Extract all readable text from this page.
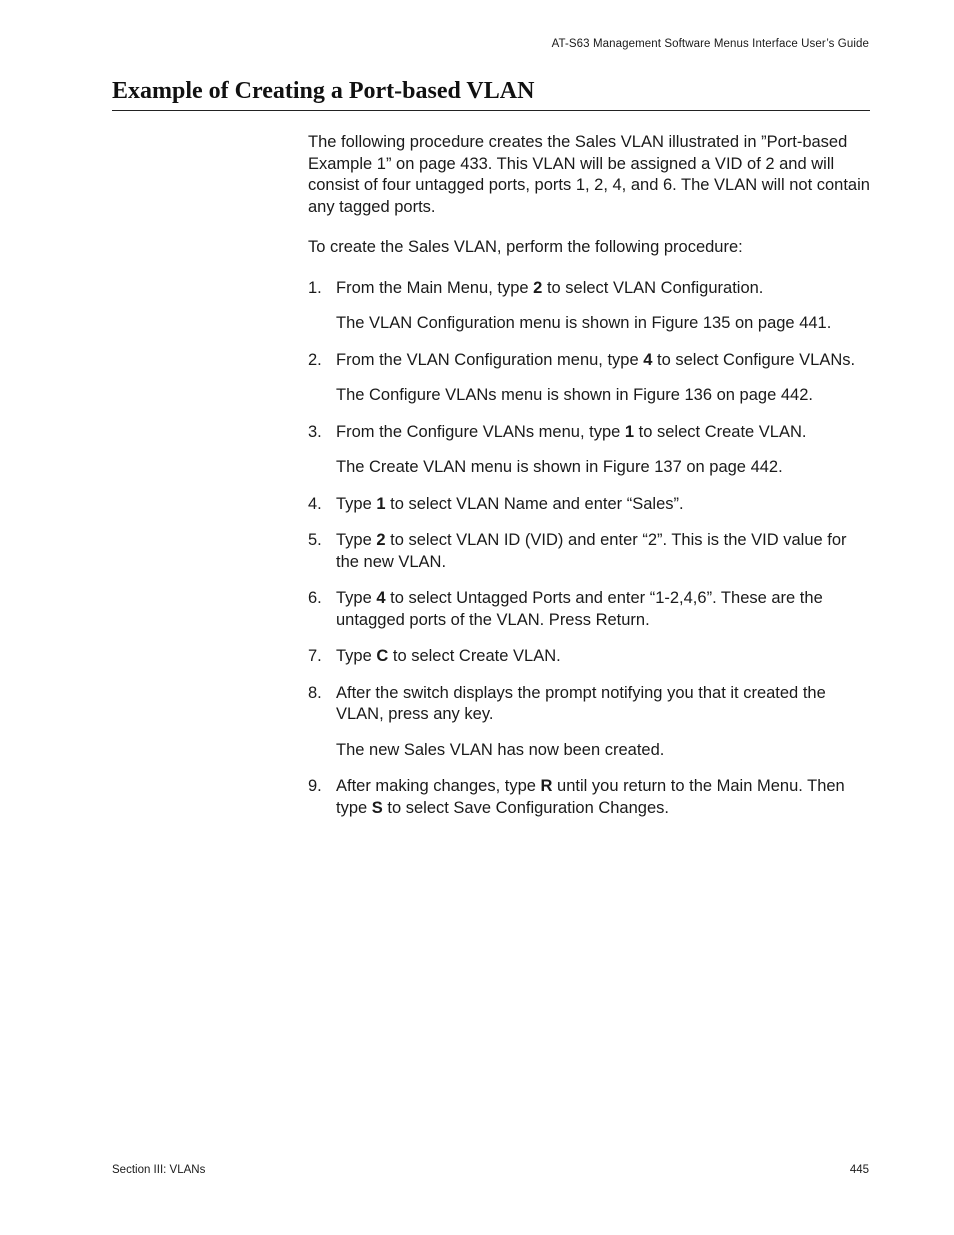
AT-S63 Management Software Menus Interface User’s Guide
Example of Creating a Port-based VLAN

The following procedure creates the Sales VLAN illustrated in ”Port-based Example 1” on page 433. This VLAN will be assigned a VID of 2 and will consist of four untagged ports, ports 1, 2, 4, and 6. The VLAN will not contain any tagged ports.

To create the Sales VLAN, perform the following procedure:

1. From the Main Menu, type 2 to select VLAN Configuration.

The VLAN Configuration menu is shown in Figure 135 on page 441.

2. From the VLAN Configuration menu, type 4 to select Configure VLANs.

The Configure VLANs menu is shown in Figure 136 on page 442.

3. From the Configure VLANs menu, type 1 to select Create VLAN.

The Create VLAN menu is shown in Figure 137 on page 442.

4. Type 1 to select VLAN Name and enter “Sales”.

5. Type 2 to select VLAN ID (VID) and enter “2”. This is the VID value for the new VLAN.

6. Type 4 to select Untagged Ports and enter “1-2,4,6”. These are the untagged ports of the VLAN. Press Return.

7. Type C to select Create VLAN.

8. After the switch displays the prompt notifying you that it created the VLAN, press any key.

The new Sales VLAN has now been created.

9. After making changes, type R until you return to the Main Menu. Then type S to select Save Configuration Changes.

Section III: VLANs	445
